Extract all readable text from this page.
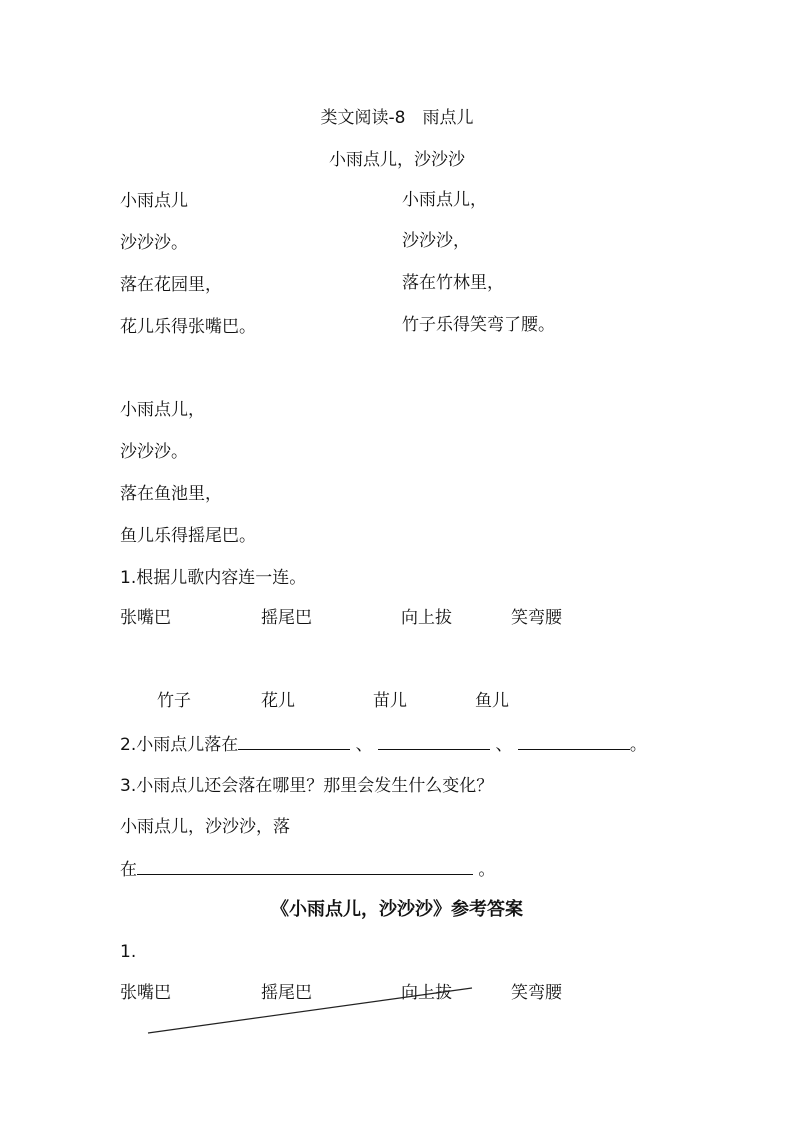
类文阅读-8　雨点儿
小雨点儿，沙沙沙
小雨点儿
沙沙沙。
落在花园里，
花儿乐得张嘴巴。
小雨点儿，
沙沙沙，
落在竹林里，
竹子乐得笑弯了腰。
小雨点儿，
沙沙沙。
落在鱼池里，
鱼儿乐得摇尾巴。
1.根据儿歌内容连一连。
张嘴巴	摇尾巴	向上拔	笑弯腰
竹子	花儿	苗儿	鱼儿
2.小雨点儿落在	、	、	。
3.小雨点儿还会落在哪里？那里会发生什么变化？
小雨点儿，沙沙沙，落
在	。
《小雨点儿，沙沙沙》参考答案
1.
张嘴巴	摇尾巴	向上拔	笑弯腰
